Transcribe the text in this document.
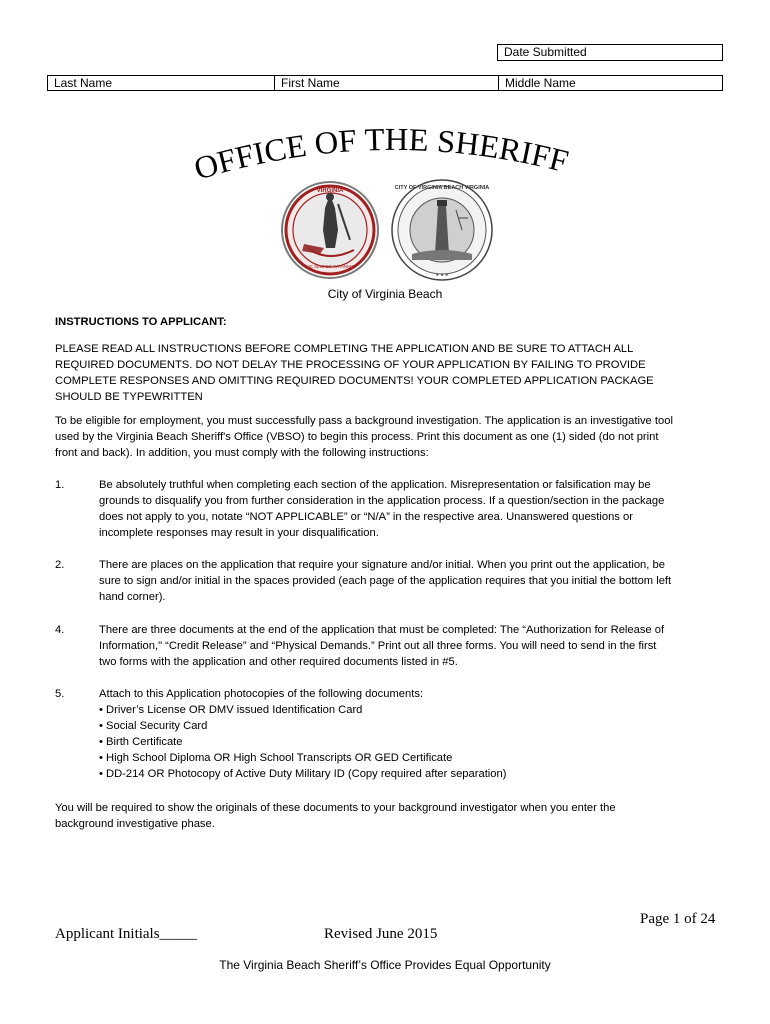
Date Submitted
Last Name	First Name	Middle Name
OFFICE OF THE SHERIFF
VIRGINIA
SIC SEMPER TYRANNIS
CITY OF VIRGINIA BEACH VIRGINIA
★ ★ ★
City of Virginia Beach
INSTRUCTIONS TO APPLICANT:
PLEASE READ ALL INSTRUCTIONS BEFORE COMPLETING THE APPLICATION AND BE SURE TO ATTACH ALL
REQUIRED DOCUMENTS. DO NOT DELAY THE PROCESSING OF YOUR APPLICATION BY FAILING TO PROVIDE
COMPLETE RESPONSES AND OMITTING REQUIRED DOCUMENTS! YOUR COMPLETED APPLICATION PACKAGE
SHOULD BE TYPEWRITTEN
To be eligible for employment, you must successfully pass a background investigation. The application is an investigative tool
used by the Virginia Beach Sheriff's Office (VBSO) to begin this process. Print this document as one (1) sided (do not print
front and back). In addition, you must comply with the following instructions:
1.	Be absolutely truthful when completing each section of the application. Misrepresentation or falsification may be
grounds to disqualify you from further consideration in the application process. If a question/section in the package
does not apply to you, notate “NOT APPLICABLE” or “N/A” in the respective area. Unanswered questions or
incomplete responses may result in your disqualification.
2.	There are places on the application that require your signature and/or initial. When you print out the application, be
sure to sign and/or initial in the spaces provided (each page of the application requires that you initial the bottom left
hand corner).
4.	There are three documents at the end of the application that must be completed: The “Authorization for Release of
Information," “Credit Release” and “Physical Demands.” Print out all three forms. You will need to send in the first
two forms with the application and other required documents listed in #5.
5.	Attach to this Application photocopies of the following documents:
• Driver’s License OR DMV issued Identification Card
• Social Security Card
• Birth Certificate
• High School Diploma OR High School Transcripts OR GED Certificate
• DD-214 OR Photocopy of Active Duty Military ID (Copy required after separation)
You will be required to show the originals of these documents to your background investigator when you enter the
background investigative phase.
Page 1 of 24
Applicant Initials_____	Revised June 2015
The Virginia Beach Sheriff’s Office Provides Equal Opportunity
